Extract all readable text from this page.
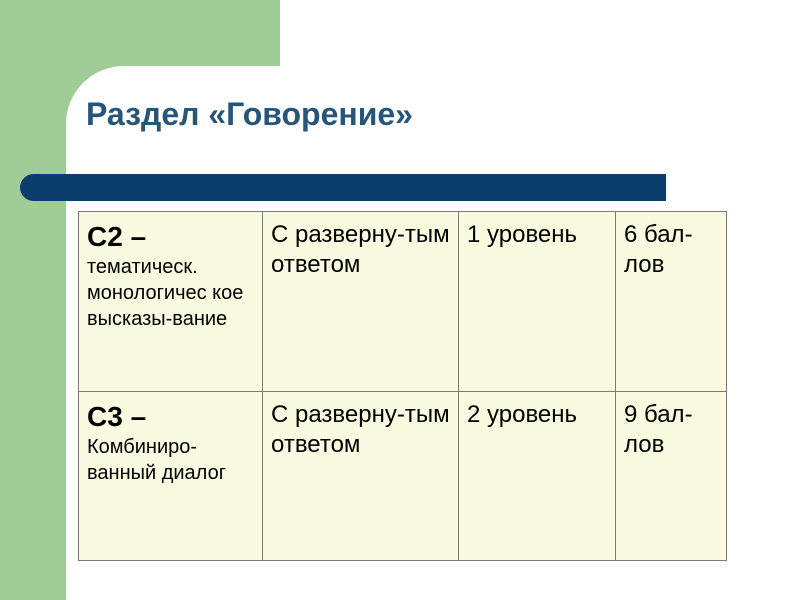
Раздел «Говорение»
C2 –
тематическ. монологичес кое высказы-вание	С разверну-тым ответом	1 уровень	6 бал-лов

C3 –
Комбиниро-ванный диалог	С разверну-тым ответом	2 уровень	9 бал-лов
